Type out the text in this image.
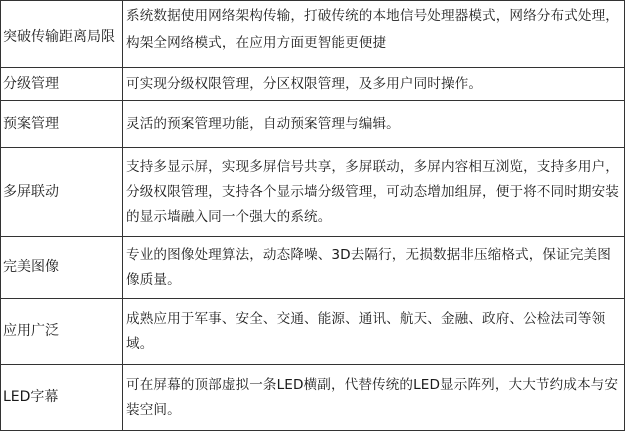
突破传输距离局限	系统数据使用网络架构传输，打破传统的本地信号处理器模式，网络分布式处理，构架全网络模式，在应用方面更智能更便捷
分级管理	可实现分级权限管理，分区权限管理，及多用户同时操作。
预案管理	灵活的预案管理功能，自动预案管理与编辑。
多屏联动	支持多显示屏，实现多屏信号共享，多屏联动，多屏内容相互浏览，支持多用户，分级权限管理，支持各个显示墙分级管理，可动态增加组屏，便于将不同时期安装的显示墙融入同一个强大的系统。
完美图像	专业的图像处理算法，动态降噪、3D去隔行，无损数据非压缩格式，保证完美图像质量。
应用广泛	成熟应用于军事、安全、交通、能源、通讯、航天、金融、政府、公检法司等领域。
LED字幕	可在屏幕的顶部虚拟一条LED横副，代替传统的LED显示阵列，大大节约成本与安装空间。
